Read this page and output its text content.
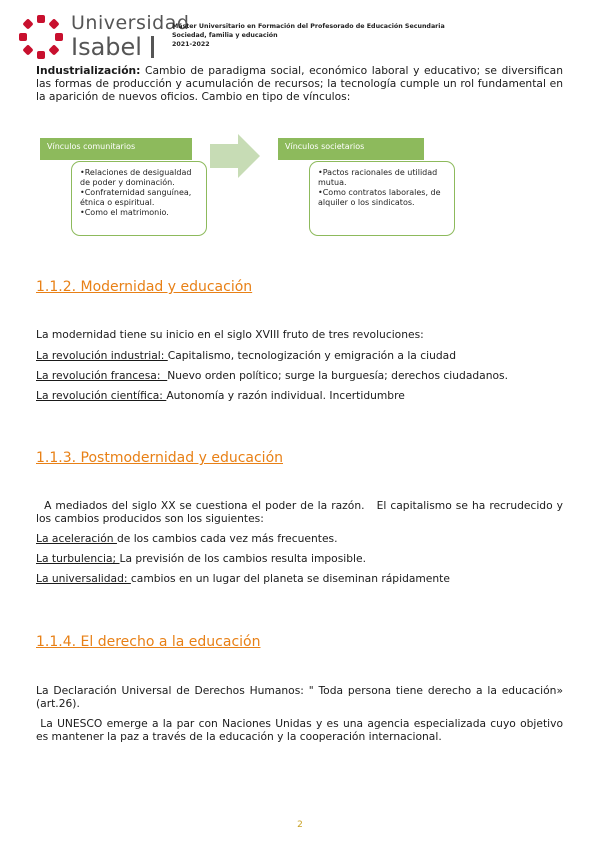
Universidad
Isabel
Máster Universitario en Formación del Profesorado de Educación Secundaria
Sociedad, familia y educación
2021-2022
Industrialización: Cambio de paradigma social, económico laboral y educativo; se diversifican las formas de producción y acumulación de recursos; la tecnología cumple un rol fundamental en la aparición de nuevos oficios. Cambio en tipo de vínculos:
Vínculos comunitarios
•Relaciones de desigualdad de poder y dominación.
•Confraternidad sanguínea, étnica o espiritual.
•Como el matrimonio.
Vínculos societarios
•Pactos racionales de utilidad mutua.
•Como contratos laborales, de alquiler o los sindicatos.
1.1.2. Modernidad y educación
La modernidad tiene su inicio en el siglo XVIII fruto de tres revoluciones:
La revolución industrial: Capitalismo, tecnologización y emigración a la ciudad
La revolución francesa:  Nuevo orden político; surge la burguesía; derechos ciudadanos.
La revolución científica: Autonomía y razón individual. Incertidumbre
1.1.3. Postmodernidad y educación
A mediados del siglo XX se cuestiona el poder de la razón.   El capitalismo se ha recrudecido y los cambios producidos son los siguientes:
La aceleración de los cambios cada vez más frecuentes.
La turbulencia; La previsión de los cambios resulta imposible.
La universalidad: cambios en un lugar del planeta se diseminan rápidamente
1.1.4. El derecho a la educación
La Declaración Universal de Derechos Humanos: " Toda persona tiene derecho a la educación» (art.26).
La UNESCO emerge a la par con Naciones Unidas y es una agencia especializada cuyo objetivo es mantener la paz a través de la educación y la cooperación internacional.
2
